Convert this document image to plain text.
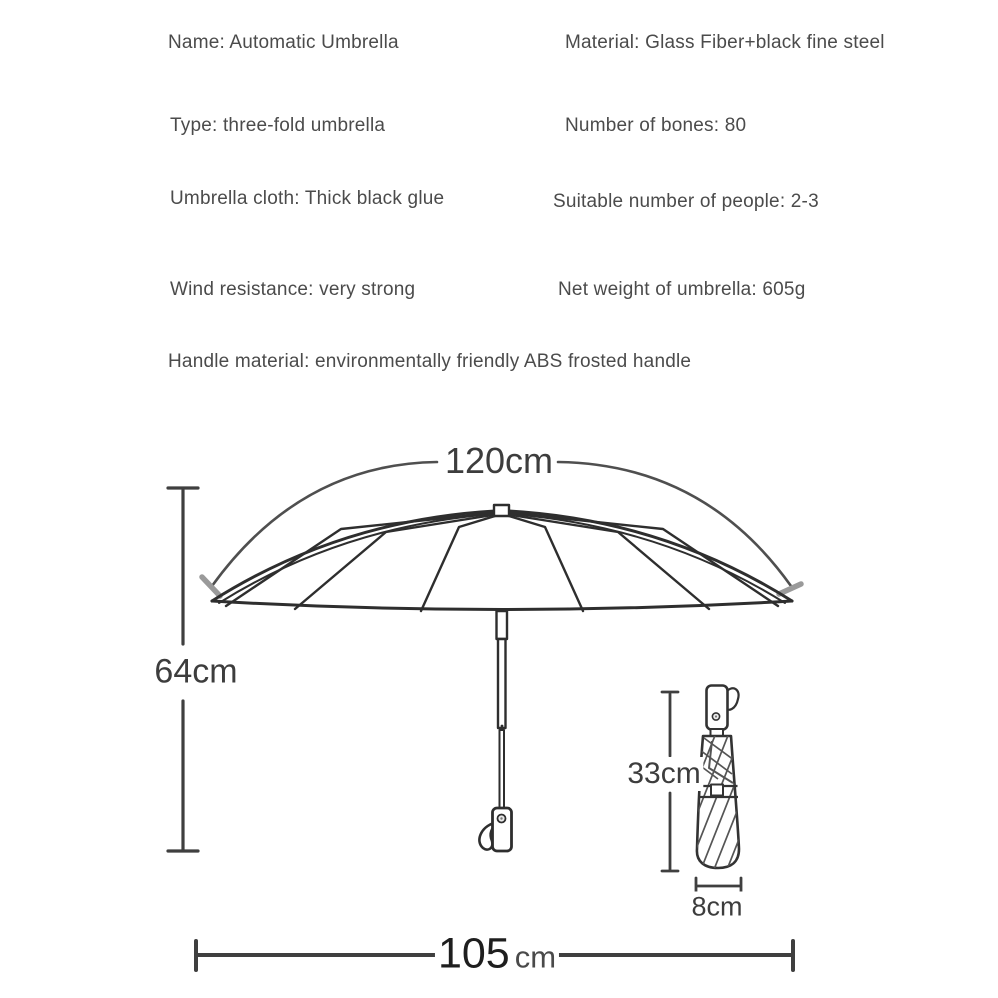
Name: Automatic Umbrella	Material: Glass Fiber+black fine steel
Type: three-fold umbrella	Number of bones: 80
Umbrella cloth: Thick black glue	Suitable number of people: 2-3
Wind resistance: very strong	Net weight of umbrella: 605g
Handle material: environmentally friendly ABS frosted handle
120cm
64cm
33cm
8cm
105 cm
